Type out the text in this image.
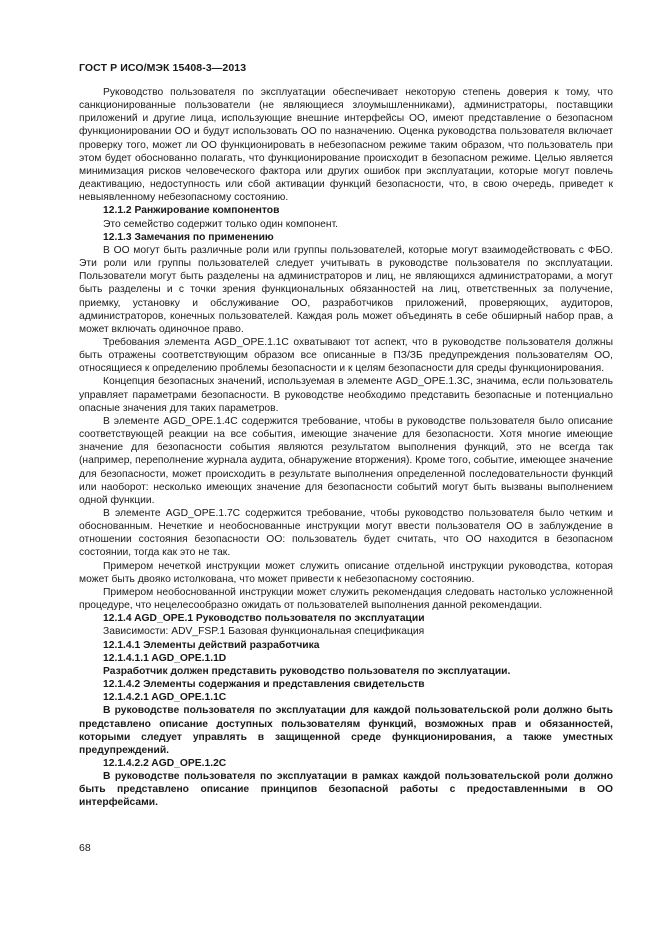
ГОСТ Р ИСО/МЭК 15408-3—2013

Руководство пользователя по эксплуатации обеспечивает некоторую степень доверия к тому, что санкционированные пользователи (не являющиеся злоумышленниками), администраторы, поставщики приложений и другие лица, использующие внешние интерфейсы ОО, имеют представление о безопасном функционировании ОО и будут использовать ОО по назначению. Оценка руководства пользователя включает проверку того, может ли ОО функционировать в небезопасном режиме таким образом, что пользователь при этом будет обоснованно полагать, что функционирование происходит в безопасном режиме. Целью является минимизация рисков человеческого фактора или других ошибок при эксплуатации, которые могут повлечь деактивацию, недоступность или сбой активации функций безопасности, что, в свою очередь, приведет к невыявленному небезопасному состоянию.

12.1.2 Ранжирование компонентов

Это семейство содержит только один компонент.

12.1.3 Замечания по применению

В ОО могут быть различные роли или группы пользователей, которые могут взаимодействовать с ФБО. Эти роли или группы пользователей следует учитывать в руководстве пользователя по эксплуатации. Пользователи могут быть разделены на администраторов и лиц, не являющихся администраторами, а могут быть разделены и с точки зрения функциональных обязанностей на лиц, ответственных за получение, приемку, установку и обслуживание ОО, разработчиков приложений, проверяющих, аудиторов, администраторов, конечных пользователей. Каждая роль может объединять в себе обширный набор прав, а может включать одиночное право.

Требования элемента AGD_OPE.1.1C охватывают тот аспект, что в руководстве пользователя должны быть отражены соответствующим образом все описанные в ПЗ/ЗБ предупреждения пользователям ОО, относящиеся к определению проблемы безопасности и к целям безопасности для среды функционирования.

Концепция безопасных значений, используемая в элементе AGD_OPE.1.3C, значима, если пользователь управляет параметрами безопасности. В руководстве необходимо представить безопасные и потенциально опасные значения для таких параметров.

В элементе AGD_OPE.1.4C содержится требование, чтобы в руководстве пользователя было описание соответствующей реакции на все события, имеющие значение для безопасности. Хотя многие имеющие значение для безопасности события являются результатом выполнения функций, это не всегда так (например, переполнение журнала аудита, обнаружение вторжения). Кроме того, событие, имеющее значение для безопасности, может происходить в результате выполнения определенной последовательности функций или наоборот: несколько имеющих значение для безопасности событий могут быть вызваны выполнением одной функции.

В элементе AGD_OPE.1.7C содержится требование, чтобы руководство пользователя было четким и обоснованным. Нечеткие и необоснованные инструкции могут ввести пользователя ОО в заблуждение в отношении состояния безопасности ОО: пользователь будет считать, что ОО находится в безопасном состоянии, тогда как это не так.

Примером нечеткой инструкции может служить описание отдельной инструкции руководства, которая может быть двояко истолкована, что может привести к небезопасному состоянию.

Примером необоснованной инструкции может служить рекомендация следовать настолько усложненной процедуре, что нецелесообразно ожидать от пользователей выполнения данной рекомендации.

12.1.4 AGD_OPE.1 Руководство пользователя по эксплуатации

Зависимости: ADV_FSP.1 Базовая функциональная спецификация

12.1.4.1 Элементы действий разработчика

12.1.4.1.1 AGD_OPE.1.1D

Разработчик должен представить руководство пользователя по эксплуатации.

12.1.4.2 Элементы содержания и представления свидетельств

12.1.4.2.1 AGD_OPE.1.1C

В руководстве пользователя по эксплуатации для каждой пользовательской роли должно быть представлено описание доступных пользователям функций, возможных прав и обязанностей, которыми следует управлять в защищенной среде функционирования, а также уместных предупреждений.

12.1.4.2.2 AGD_OPE.1.2C

В руководстве пользователя по эксплуатации в рамках каждой пользовательской роли должно быть представлено описание принципов безопасной работы с предоставленными в ОО интерфейсами.

68
